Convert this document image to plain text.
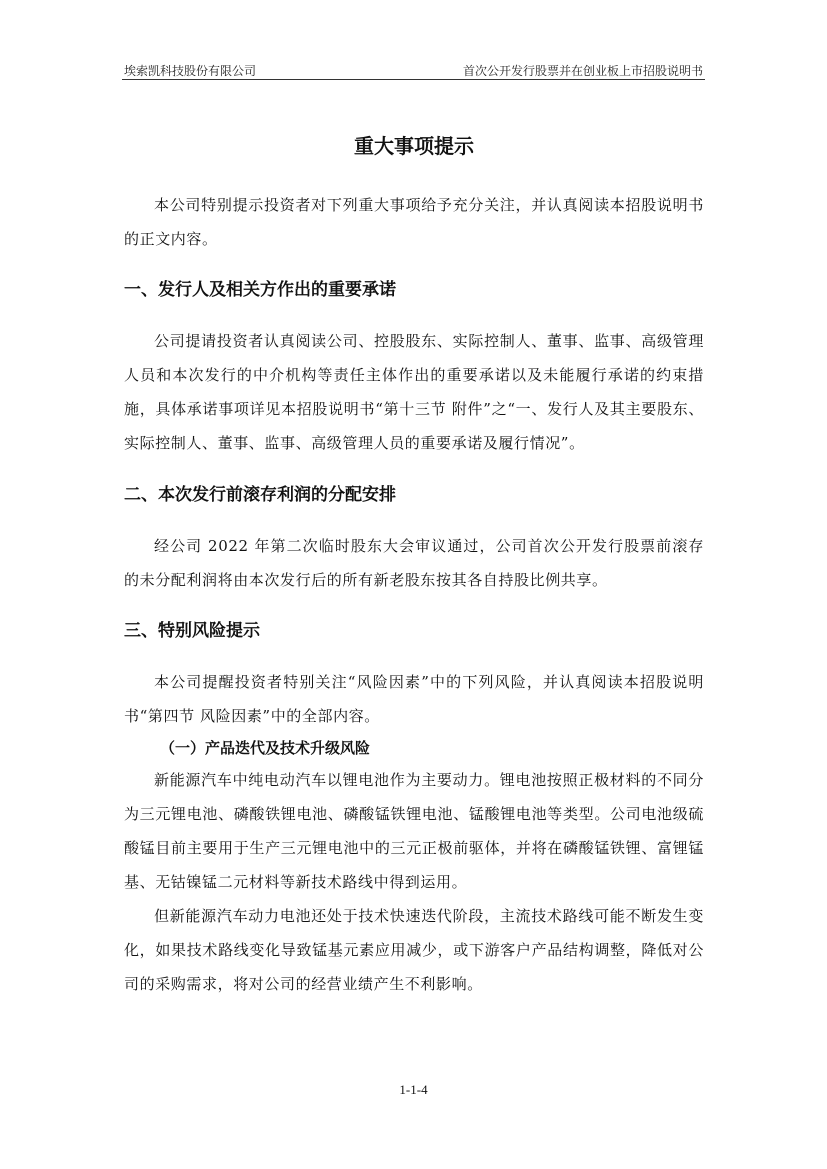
埃索凯科技股份有限公司	首次公开发行股票并在创业板上市招股说明书
重大事项提示

本公司特别提示投资者对下列重大事项给予充分关注，并认真阅读本招股说明书的正文内容。

一、发行人及相关方作出的重要承诺

公司提请投资者认真阅读公司、控股股东、实际控制人、董事、监事、高级管理人员和本次发行的中介机构等责任主体作出的重要承诺以及未能履行承诺的约束措施，具体承诺事项详见本招股说明书“第十三节 附件”之“一、发行人及其主要股东、实际控制人、董事、监事、高级管理人员的重要承诺及履行情况”。

二、本次发行前滚存利润的分配安排

经公司 2022 年第二次临时股东大会审议通过，公司首次公开发行股票前滚存的未分配利润将由本次发行后的所有新老股东按其各自持股比例共享。

三、特别风险提示

本公司提醒投资者特别关注“风险因素”中的下列风险，并认真阅读本招股说明书“第四节 风险因素”中的全部内容。

（一）产品迭代及技术升级风险

新能源汽车中纯电动汽车以锂电池作为主要动力。锂电池按照正极材料的不同分为三元锂电池、磷酸铁锂电池、磷酸锰铁锂电池、锰酸锂电池等类型。公司电池级硫酸锰目前主要用于生产三元锂电池中的三元正极前驱体，并将在磷酸锰铁锂、富锂锰基、无钴镍锰二元材料等新技术路线中得到运用。

但新能源汽车动力电池还处于技术快速迭代阶段，主流技术路线可能不断发生变化，如果技术路线变化导致锰基元素应用减少，或下游客户产品结构调整，降低对公司的采购需求，将对公司的经营业绩产生不利影响。

1-1-4
